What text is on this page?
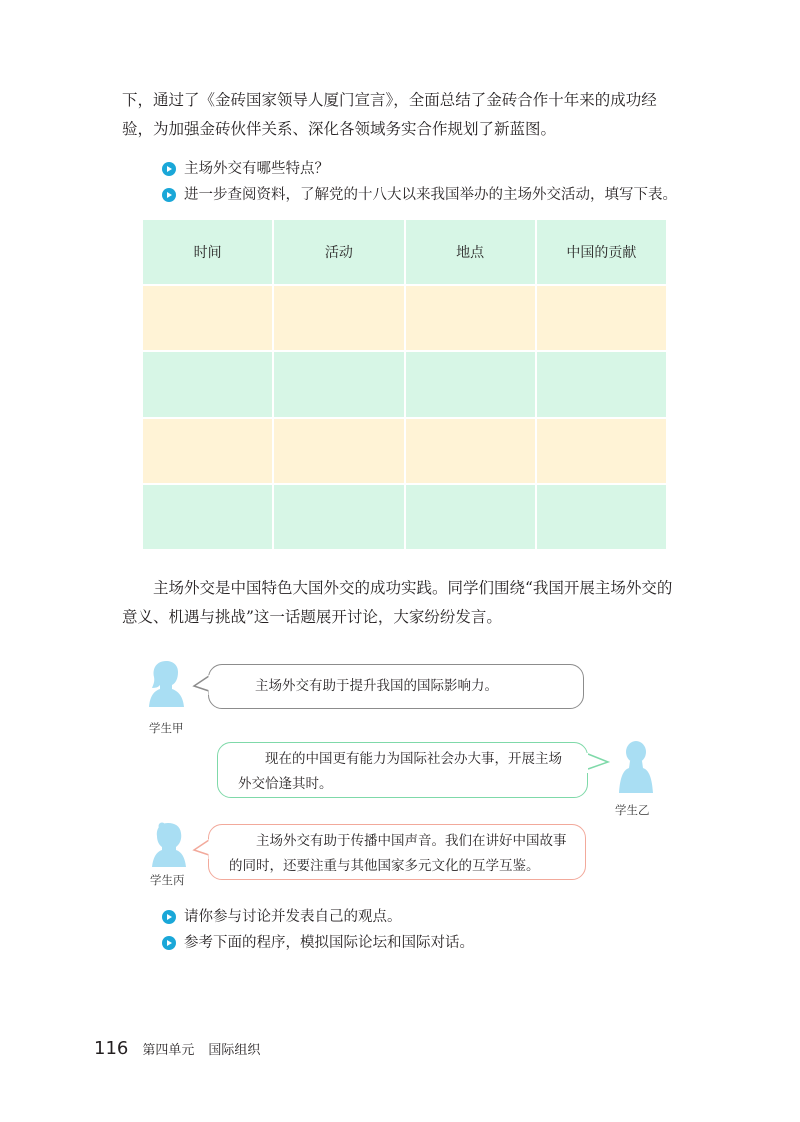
下，通过了《金砖国家领导人厦门宣言》，全面总结了金砖合作十年来的成功经
验，为加强金砖伙伴关系、深化各领域务实合作规划了新蓝图。

主场外交有哪些特点？
进一步查阅资料，了解党的十八大以来我国举办的主场外交活动，填写下表。
时间	活动	地点	中国的贡献

主场外交是中国特色大国外交的成功实践。同学们围绕“我国开展主场外交的
意义、机遇与挑战”这一话题展开讨论，大家纷纷发言。

学生甲
主场外交有助于提升我国的国际影响力。
现在的中国更有能力为国际社会办大事，开展主场
外交恰逢其时。
学生乙
学生丙
主场外交有助于传播中国声音。我们在讲好中国故事
的同时，还要注重与其他国家多元文化的互学互鉴。
请你参与讨论并发表自己的观点。
参考下面的程序，模拟国际论坛和国际对话。
116 第四单元 国际组织
